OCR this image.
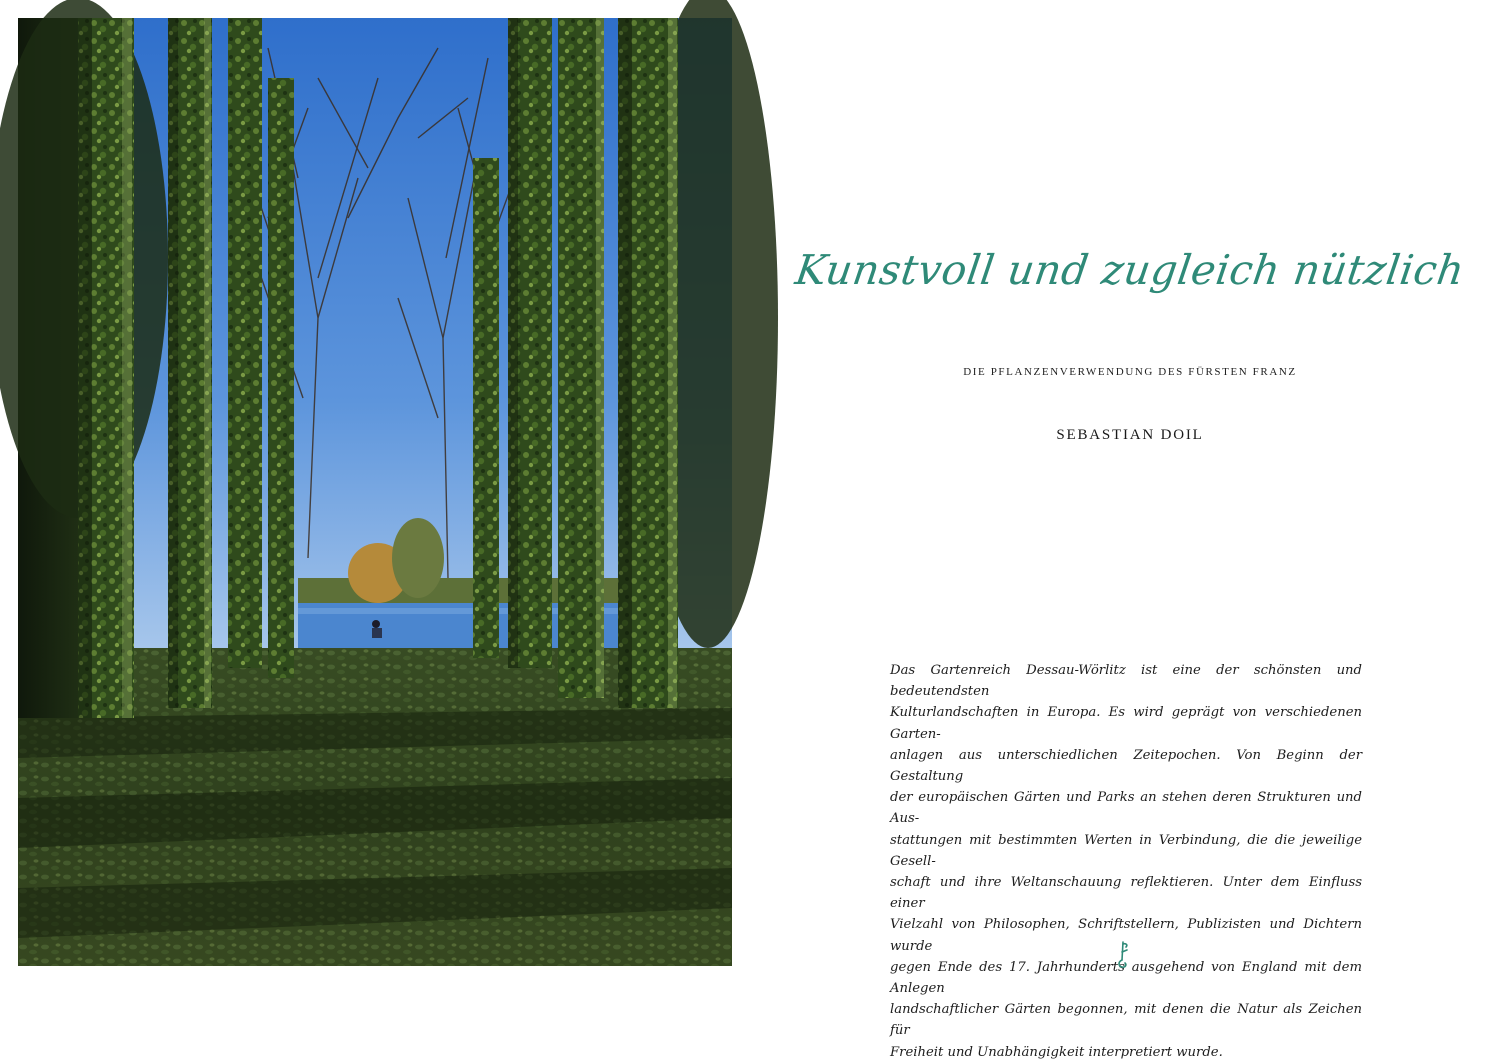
Kunstvoll und zugleich nützlich
DIE PFLANZENVERWENDUNG DES FÜRSTEN FRANZ
SEBASTIAN DOIL
Das Gartenreich Dessau-Wörlitz ist eine der schönsten und bedeutendsten
Kulturlandschaften in Europa. Es wird geprägt von verschiedenen Garten-
anlagen aus unterschiedlichen Zeitepochen. Von Beginn der Gestaltung
der europäischen Gärten und Parks an stehen deren Strukturen und Aus-
stattungen mit bestimmten Werten in Verbindung, die die jeweilige Gesell-
schaft und ihre Weltanschauung reflektieren. Unter dem Einfluss einer
Vielzahl von Philosophen, Schriftstellern, Publizisten und Dichtern wurde
gegen Ende des 17. Jahrhunderts ausgehend von England mit dem Anlegen
landschaftlicher Gärten begonnen, mit denen die Natur als Zeichen für
Freiheit und Unabhängigkeit interpretiert wurde.
